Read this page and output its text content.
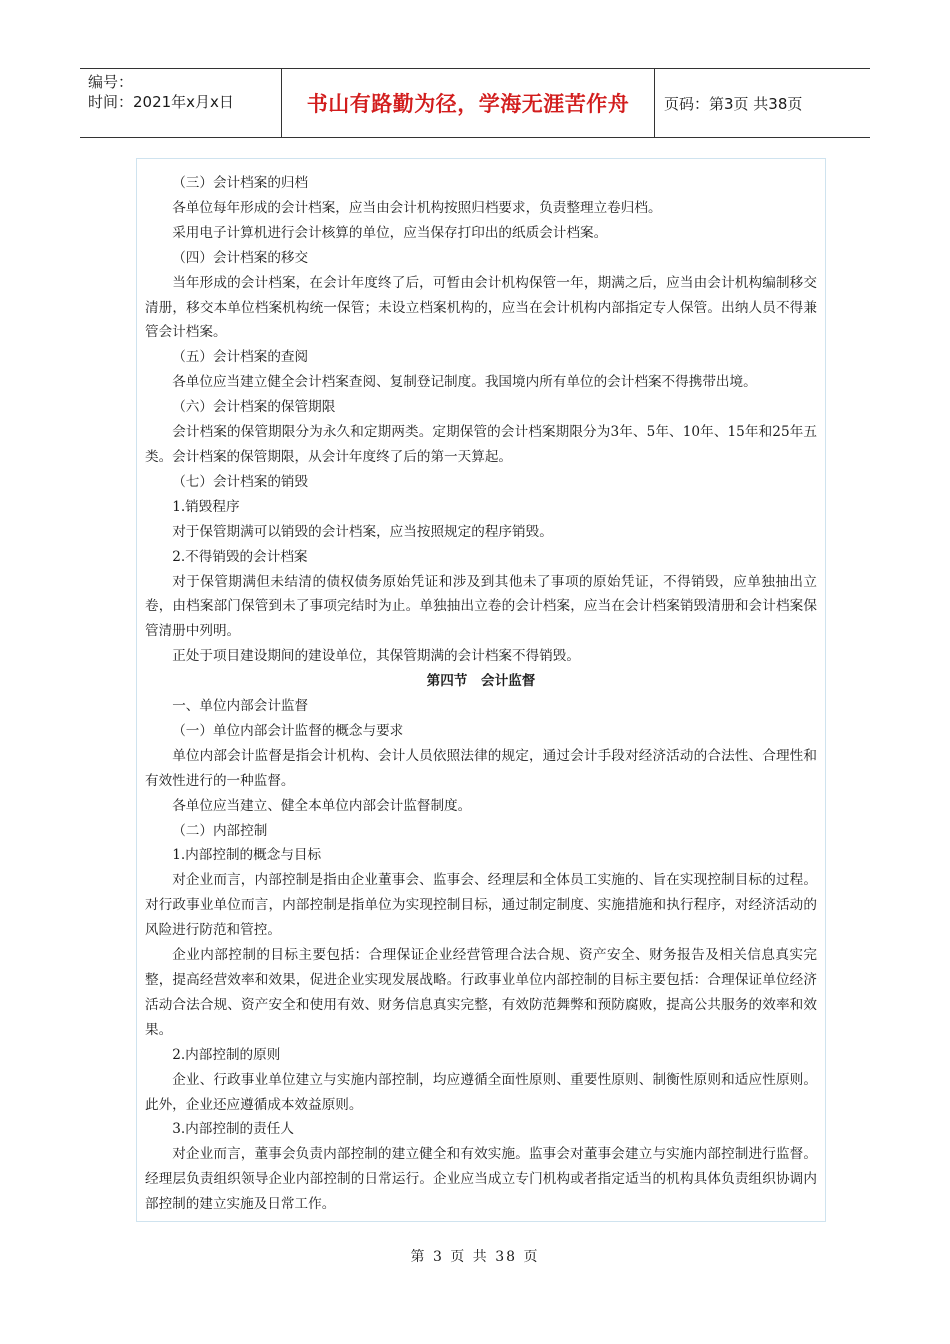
编号：
时间：2021年x月x日	书山有路勤为径，学海无涯苦作舟 页码：第3页 共38页

（三）会计档案的归档

各单位每年形成的会计档案，应当由会计机构按照归档要求，负责整理立卷归档。

采用电子计算机进行会计核算的单位，应当保存打印出的纸质会计档案。

（四）会计档案的移交

当年形成的会计档案，在会计年度终了后，可暂由会计机构保管一年，期满之后，应当由会计机构编制移交清册，移交本单位档案机构统一保管；未设立档案机构的，应当在会计机构内部指定专人保管。出纳人员不得兼管会计档案。

（五）会计档案的查阅

各单位应当建立健全会计档案查阅、复制登记制度。我国境内所有单位的会计档案不得携带出境。

（六）会计档案的保管期限

会计档案的保管期限分为永久和定期两类。定期保管的会计档案期限分为3年、5年、10年、15年和25年五类。会计档案的保管期限，从会计年度终了后的第一天算起。

（七）会计档案的销毁

1.销毁程序

对于保管期满可以销毁的会计档案，应当按照规定的程序销毁。

2.不得销毁的会计档案

对于保管期满但未结清的债权债务原始凭证和涉及到其他未了事项的原始凭证，不得销毁，应单独抽出立卷，由档案部门保管到未了事项完结时为止。单独抽出立卷的会计档案，应当在会计档案销毁清册和会计档案保管清册中列明。

正处于项目建设期间的建设单位，其保管期满的会计档案不得销毁。

第四节　会计监督

一、单位内部会计监督

（一）单位内部会计监督的概念与要求

单位内部会计监督是指会计机构、会计人员依照法律的规定，通过会计手段对经济活动的合法性、合理性和有效性进行的一种监督。

各单位应当建立、健全本单位内部会计监督制度。

（二）内部控制

1.内部控制的概念与目标

对企业而言，内部控制是指由企业董事会、监事会、经理层和全体员工实施的、旨在实现控制目标的过程。对行政事业单位而言，内部控制是指单位为实现控制目标，通过制定制度、实施措施和执行程序，对经济活动的风险进行防范和管控。

企业内部控制的目标主要包括：合理保证企业经营管理合法合规、资产安全、财务报告及相关信息真实完整，提高经营效率和效果，促进企业实现发展战略。行政事业单位内部控制的目标主要包括：合理保证单位经济活动合法合规、资产安全和使用有效、财务信息真实完整，有效防范舞弊和预防腐败，提高公共服务的效率和效果。

2.内部控制的原则

企业、行政事业单位建立与实施内部控制，均应遵循全面性原则、重要性原则、制衡性原则和适应性原则。此外，企业还应遵循成本效益原则。

3.内部控制的责任人

对企业而言，董事会负责内部控制的建立健全和有效实施。监事会对董事会建立与实施内部控制进行监督。经理层负责组织领导企业内部控制的日常运行。企业应当成立专门机构或者指定适当的机构具体负责组织协调内部控制的建立实施及日常工作。

第 3 页 共 38 页
